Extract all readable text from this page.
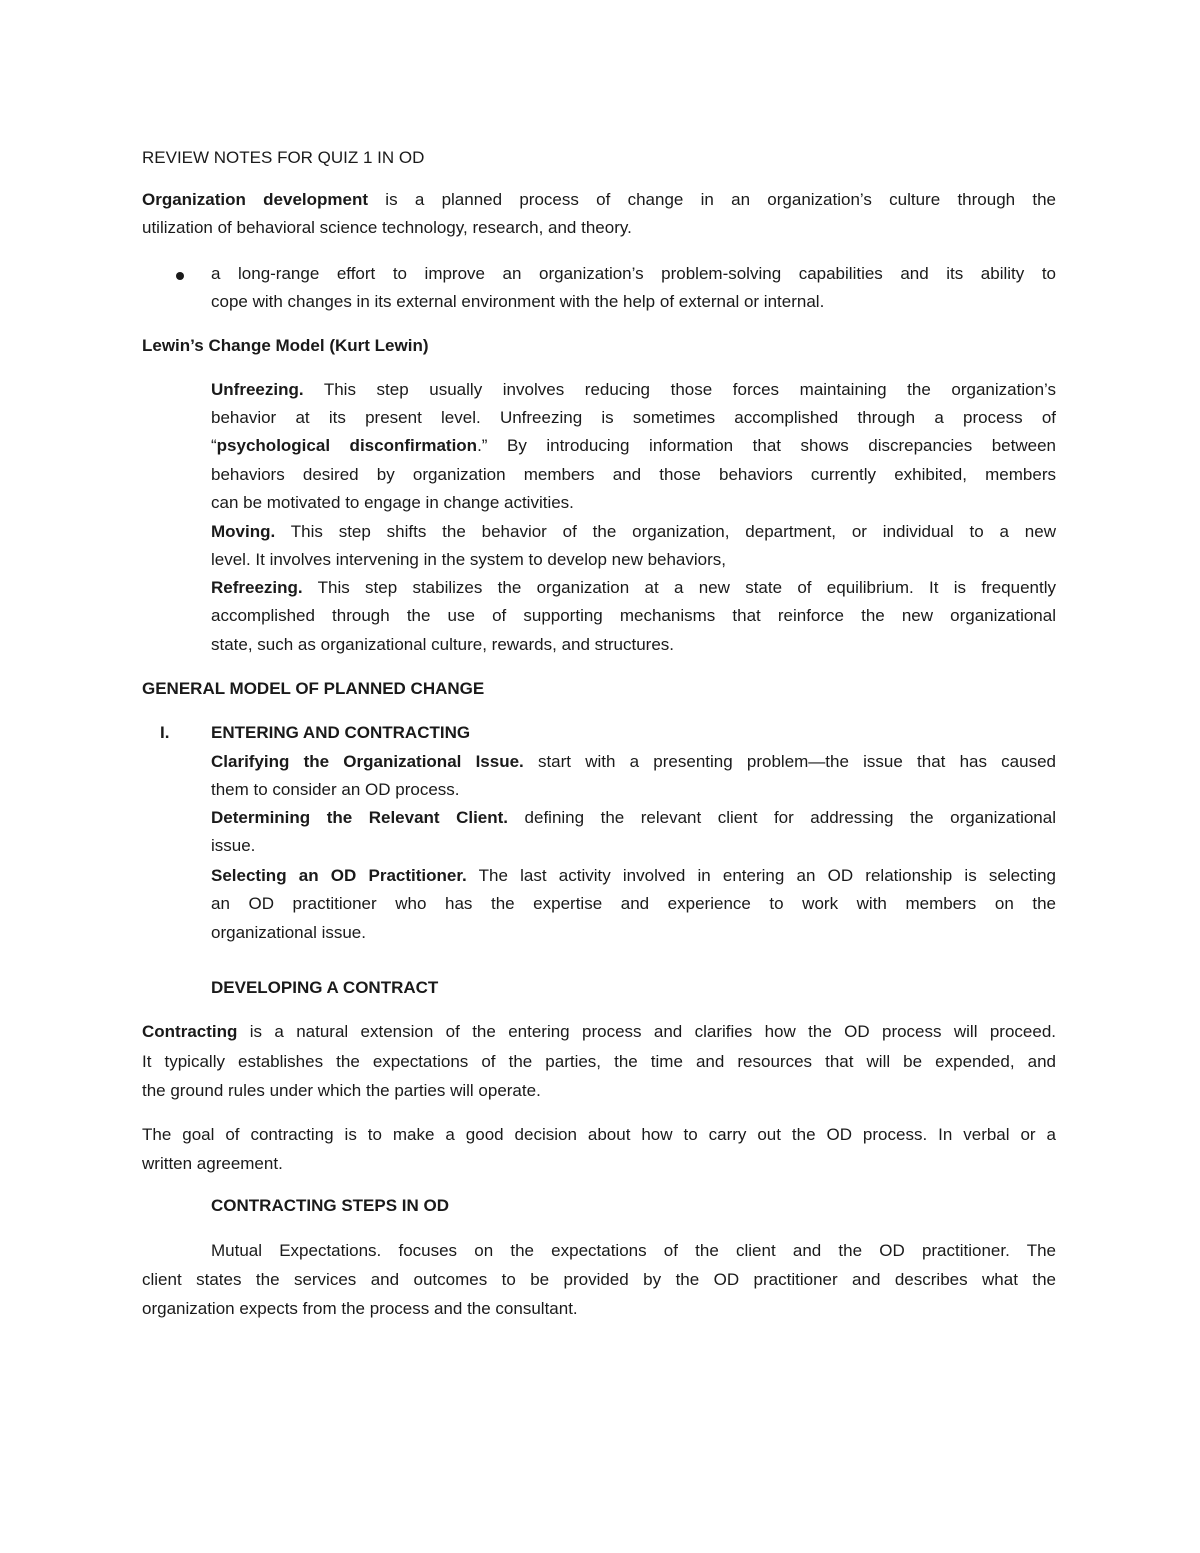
REVIEW NOTES FOR QUIZ 1 IN OD
Organization development is a planned process of change in an organization’s culture through the
utilization of behavioral science technology, research, and theory.
a long-range effort to improve an organization’s problem-solving capabilities and its ability to
cope with changes in its external environment with the help of external or internal.
Lewin’s Change Model (Kurt Lewin)
Unfreezing. This step usually involves reducing those forces maintaining the organization’s
behavior at its present level. Unfreezing is sometimes accomplished through a process of
“psychological disconfirmation.” By introducing information that shows discrepancies between
behaviors desired by organization members and those behaviors currently exhibited, members
can be motivated to engage in change activities.
Moving. This step shifts the behavior of the organization, department, or individual to a new
level. It involves intervening in the system to develop new behaviors,
Refreezing. This step stabilizes the organization at a new state of equilibrium. It is frequently
accomplished through the use of supporting mechanisms that reinforce the new organizational
state, such as organizational culture, rewards, and structures.
GENERAL MODEL OF PLANNED CHANGE
I. ENTERING AND CONTRACTING
Clarifying the Organizational Issue. start with a presenting problem—the issue that has caused
them to consider an OD process.
Determining the Relevant Client. defining the relevant client for addressing the organizational
issue.
Selecting an OD Practitioner. The last activity involved in entering an OD relationship is selecting
an OD practitioner who has the expertise and experience to work with members on the
organizational issue.
DEVELOPING A CONTRACT
Contracting is a natural extension of the entering process and clarifies how the OD process will proceed.
It typically establishes the expectations of the parties, the time and resources that will be expended, and
the ground rules under which the parties will operate.
The goal of contracting is to make a good decision about how to carry out the OD process. In verbal or a
written agreement.
CONTRACTING STEPS IN OD
Mutual Expectations. focuses on the expectations of the client and the OD practitioner. The
client states the services and outcomes to be provided by the OD practitioner and describes what the
organization expects from the process and the consultant.
